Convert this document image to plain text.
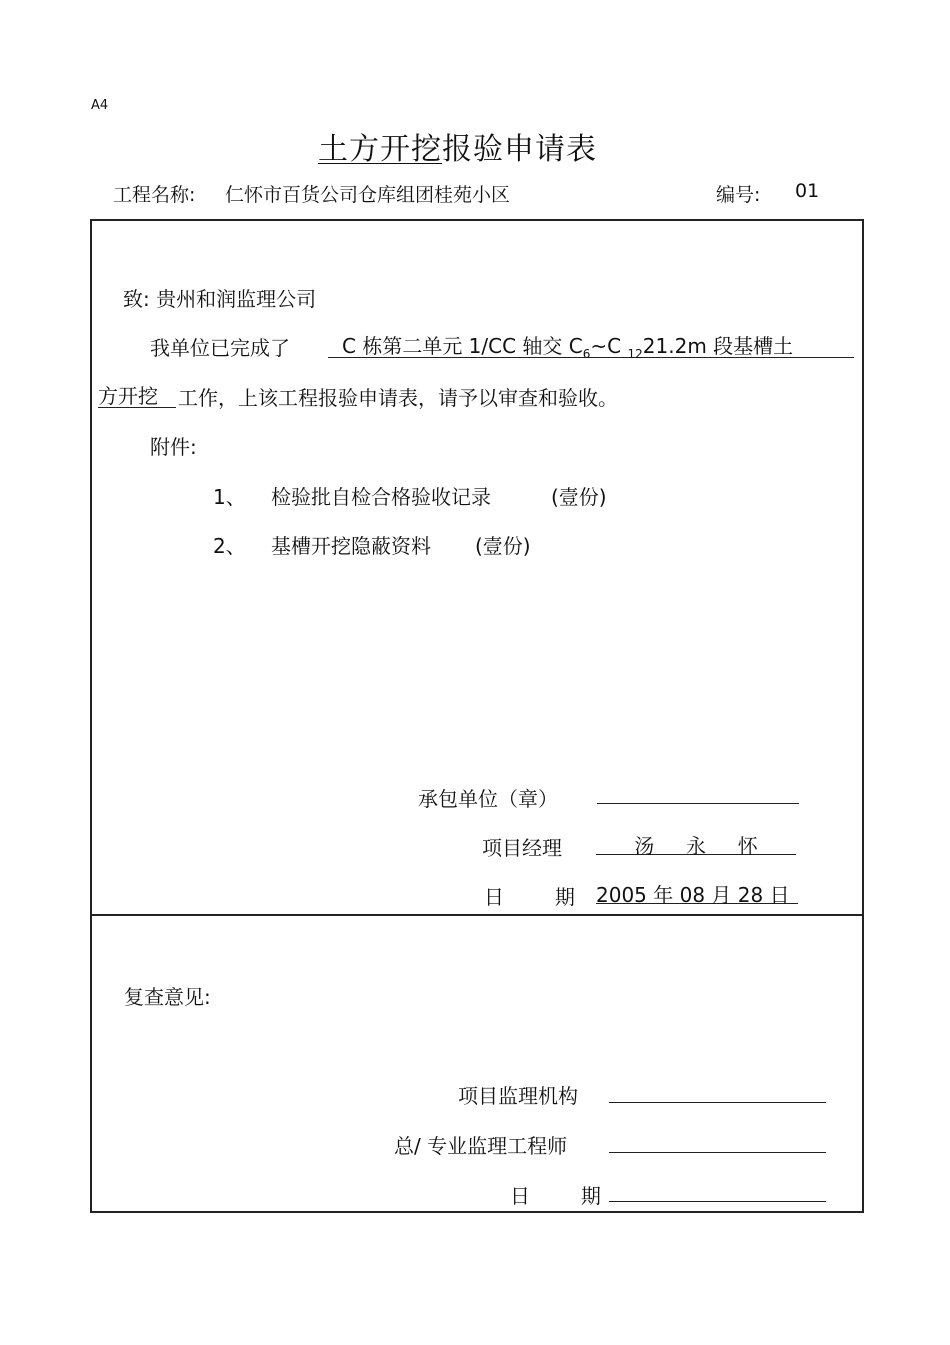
A4
土方开挖报验申请表
工程名称: 仁怀市百货公司仓库组团桂苑小区	编号: 01
致: 贵州和润监理公司
我单位已完成了	C 栋第二单元 1/CC 轴交 $C_6\sim C$ $_{12}$21.2m 段基槽土
方开挖	工作，上该工程报验申请表，请予以审查和验收。
附件:
1、 检验批自检合格验收记录	(壹份)
2、 基槽开挖隐蔽资料 (壹份)
承包单位（章）
项目经理	汤     永     怀
日        期 2005 年 08 月 28 日
复查意见:
项目监理机构
总/ 专业监理工程师
日        期
